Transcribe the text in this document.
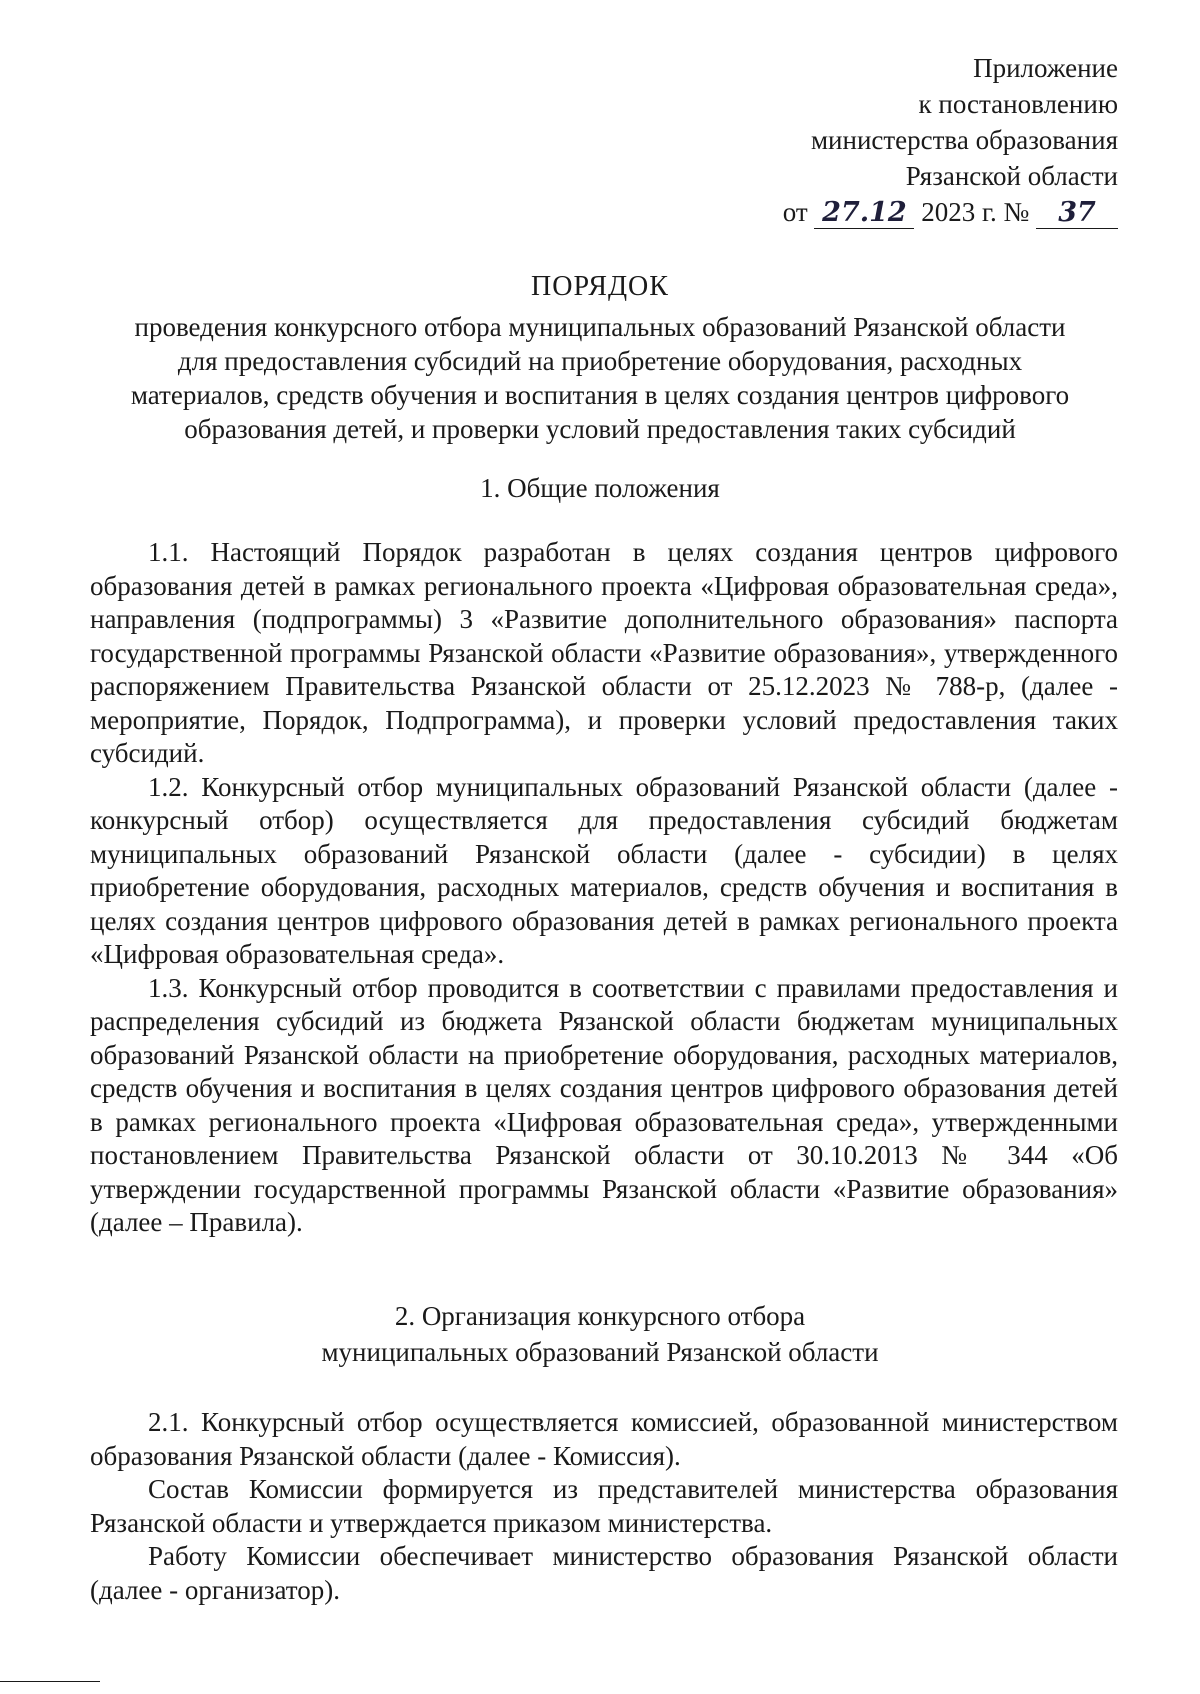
Приложение
к постановлению
министерства образования
Рязанской области
от 27.12 2023 г. № 37
ПОРЯДОК
проведения конкурсного отбора муниципальных образований Рязанской области
для предоставления субсидий на приобретение оборудования, расходных
материалов, средств обучения и воспитания в целях создания центров цифрового
образования детей, и проверки условий предоставления таких субсидий
1. Общие положения

1.1. Настоящий Порядок разработан в целях создания центров цифрового образования детей в рамках регионального проекта «Цифровая образовательная среда», направления (подпрограммы) 3 «Развитие дополнительного образования» паспорта государственной программы Рязанской области «Развитие образования», утвержденного распоряжением Правительства Рязанской области от 25.12.2023 № 788-р, (далее - мероприятие, Порядок, Подпрограмма), и проверки условий предоставления таких субсидий.

1.2. Конкурсный отбор муниципальных образований Рязанской области (далее - конкурсный отбор) осуществляется для предоставления субсидий бюджетам муниципальных образований Рязанской области (далее - субсидии) в целях приобретение оборудования, расходных материалов, средств обучения и воспитания в целях создания центров цифрового образования детей в рамках регионального проекта «Цифровая образовательная среда».

1.3. Конкурсный отбор проводится в соответствии с правилами предоставления и распределения субсидий из бюджета Рязанской области бюджетам муниципальных образований Рязанской области на приобретение оборудования, расходных материалов, средств обучения и воспитания в целях создания центров цифрового образования детей в рамках регионального проекта «Цифровая образовательная среда», утвержденными постановлением Правительства Рязанской области от 30.10.2013 № 344 «Об утверждении государственной программы Рязанской области «Развитие образования» (далее – Правила).

2. Организация конкурсного отбора
муниципальных образований Рязанской области

2.1. Конкурсный отбор осуществляется комиссией, образованной министерством образования Рязанской области (далее - Комиссия).

Состав Комиссии формируется из представителей министерства образования Рязанской области и утверждается приказом министерства.

Работу Комиссии обеспечивает министерство образования Рязанской области (далее - организатор).
